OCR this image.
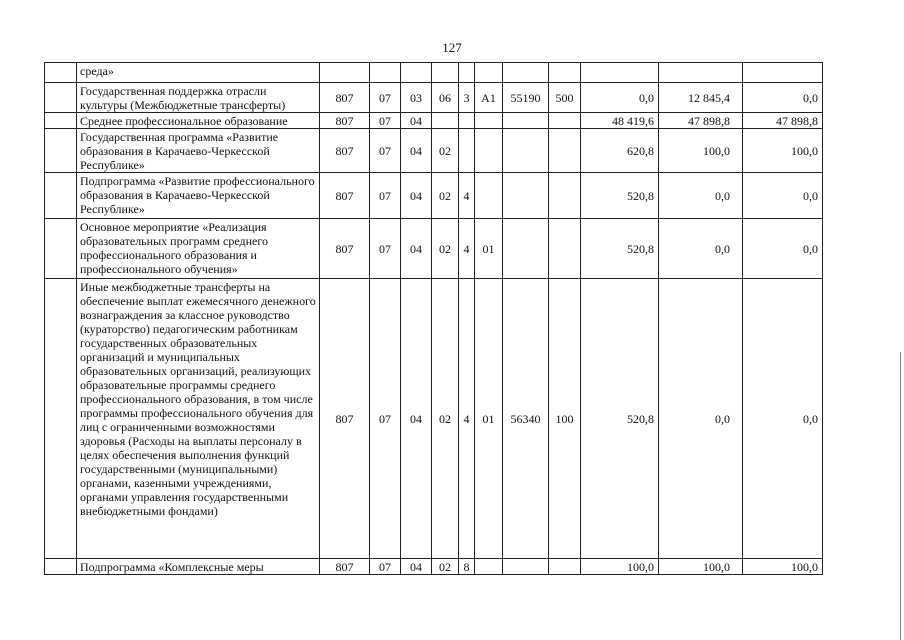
127
	среда»											
	Государственная поддержка отрасли культуры (Межбюджетные трансферты)	807	07	03	06	3	А1	55190	500	0,0	12 845,4	0,0
	Среднее профессиональное образование	807	07	04						48 419,6	47 898,8	47 898,8
	Государственная программа «Развитие образования в Карачаево-Черкесской Республике»	807	07	04	02					620,8	100,0	100,0
	Подпрограмма «Развитие профессионального образования в Карачаево-Черкесской Республике»	807	07	04	02	4				520,8	0,0	0,0
	Основное мероприятие «Реализация образовательных программ среднего профессионального образования и профессионального обучения»	807	07	04	02	4	01			520,8	0,0	0,0
	Иные межбюджетные трансферты на обеспечение выплат ежемесячного денежного вознаграждения за классное руководство (кураторство) педагогическим работникам государственных образовательных организаций и муниципальных образовательных организаций, реализующих образовательные программы среднего профессионального образования, в том числе программы профессионального обучения для лиц с ограниченными возможностями здоровья (Расходы на выплаты персоналу в целях обеспечения выполнения функций государственными (муниципальными) органами, казенными учреждениями, органами управления государственными внебюджетными фондами)	807	07	04	02	4	01	56340	100	520,8	0,0	0,0
	Подпрограмма «Комплексные меры	807	07	04	02	8				100,0	100,0	100,0
